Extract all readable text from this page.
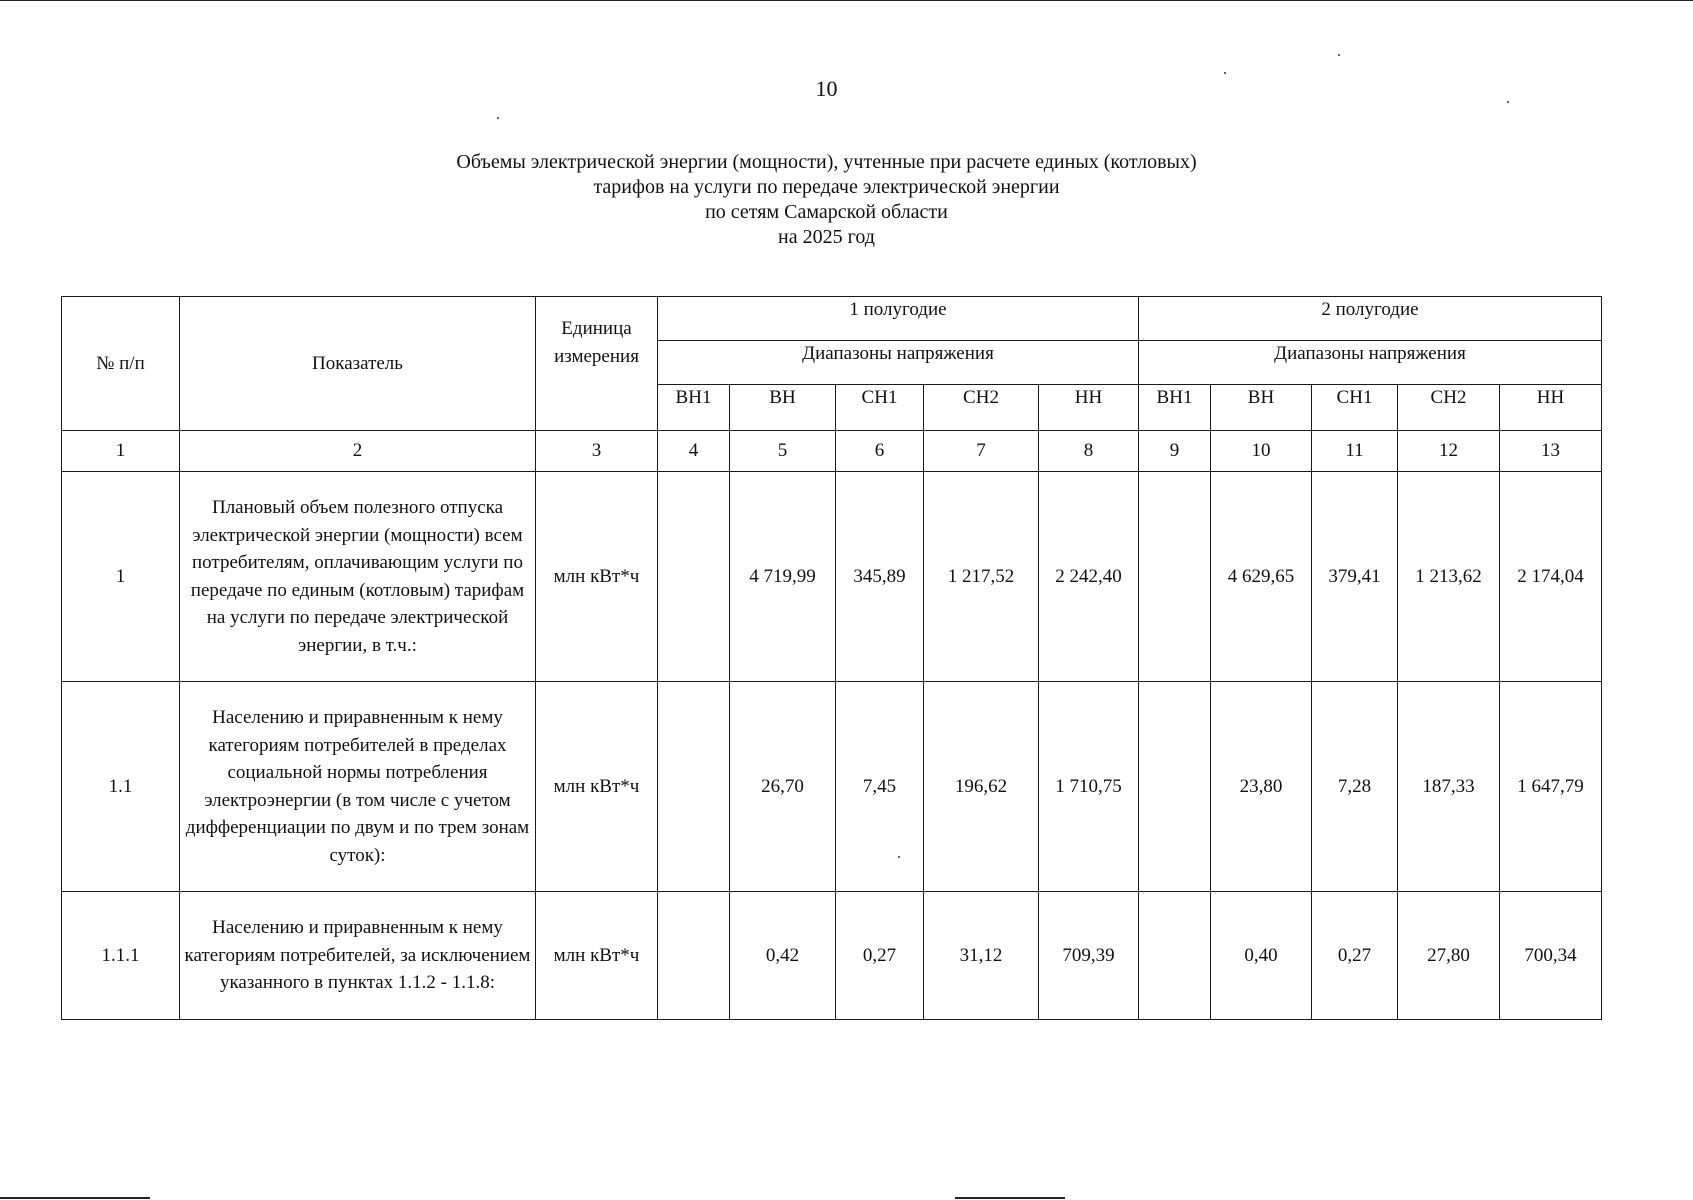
10
Объемы электрической энергии (мощности), учтенные при расчете единых (котловых)
тарифов на услуги по передаче электрической энергии
по сетям Самарской области
на 2025 год
№ п/п	Показатель	Единица измерения	1 полугодие					2 полугодие				
			Диапазоны напряжения					Диапазоны напряжения				
			ВН1	ВН	СН1	СН2	НН	ВН1	ВН	СН1	СН2	НН
1	2	3	4	5	6	7	8	9	10	11	12	13
1	Плановый объем полезного отпуска электрической энергии (мощности) всем потребителям, оплачивающим услуги по передаче по единым (котловым) тарифам на услуги по передаче электрической энергии, в т.ч.:	млн кВт*ч		4 719,99	345,89	1 217,52	2 242,40		4 629,65	379,41	1 213,62	2 174,04
1.1	Населению и приравненным к нему категориям потребителей в пределах социальной нормы потребления электроэнергии (в том числе с учетом дифференциации по двум и по трем зонам суток):	млн кВт*ч		26,70	7,45	196,62	1 710,75		23,80	7,28	187,33	1 647,79
1.1.1	Населению и приравненным к нему категориям потребителей, за исключением указанного в пунктах 1.1.2 - 1.1.8:	млн кВт*ч		0,42	0,27	31,12	709,39		0,40	0,27	27,80	700,34
